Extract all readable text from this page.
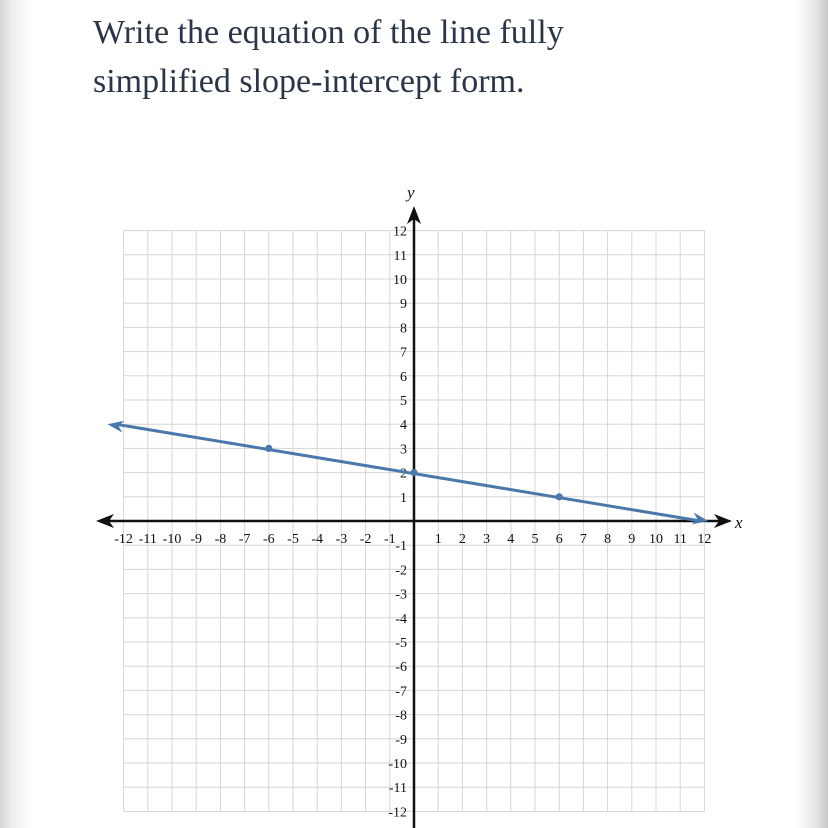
Write the equation of the line fully
simplified slope-intercept form.

x
y
-12 -11 -10 -9 -8 -7 -6 -5 -4 -3 -2 -1	1 2 3 4 5 6 7 8 9 10 11 12
12
11
10
9
8
7
6
5
4
3
2
1
-1
-2
-3
-4
-5
-6
-7
-8
-9
-10
-11
-12
